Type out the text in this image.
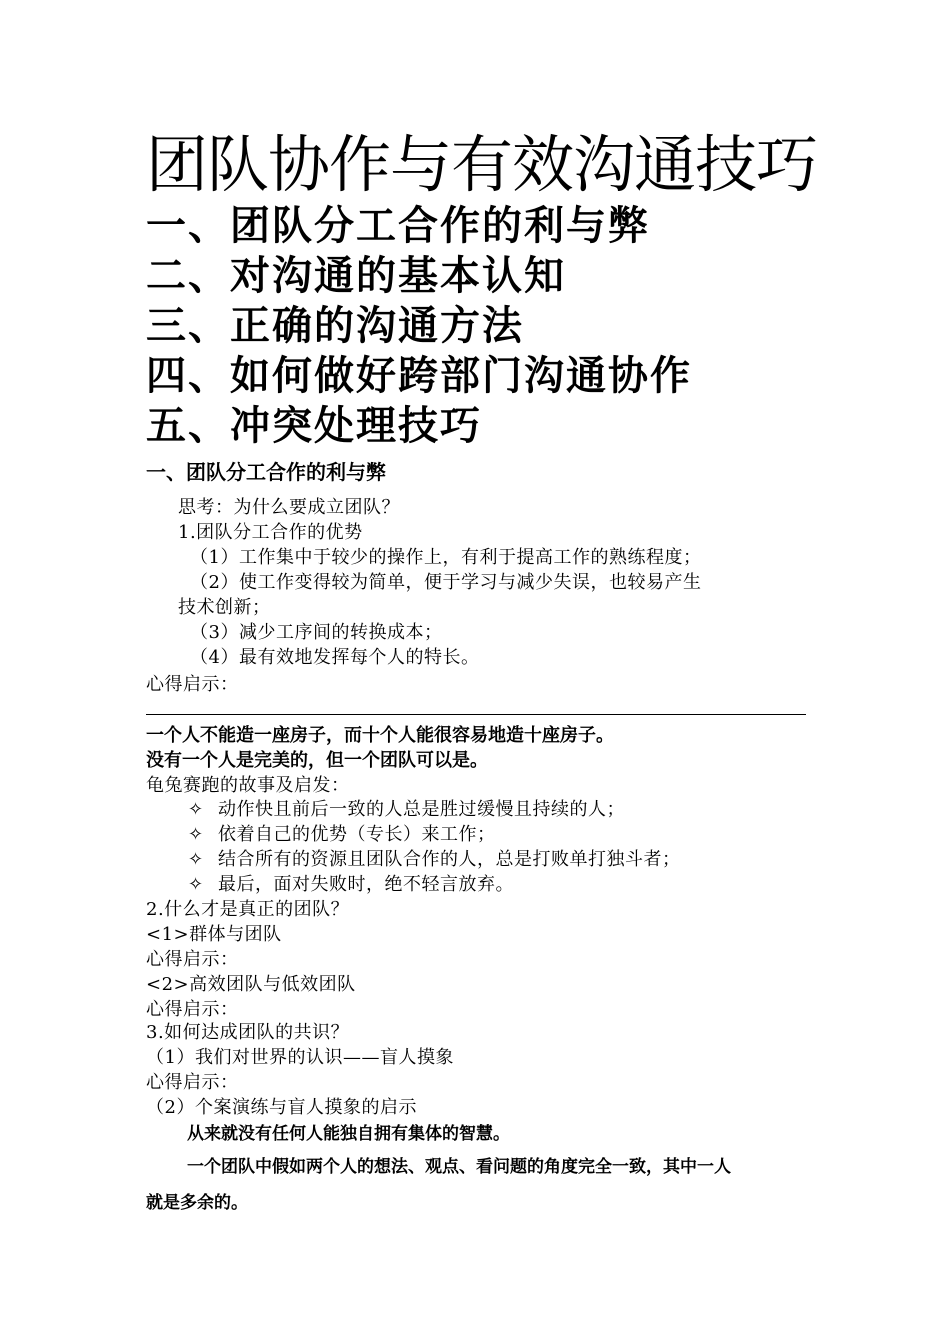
团队协作与有效沟通技巧
一、团队分工合作的利与弊
二、对沟通的基本认知
三、正确的沟通方法
四、如何做好跨部门沟通协作
五、冲突处理技巧
一、团队分工合作的利与弊
思考：为什么要成立团队？
1.团队分工合作的优势
（1）工作集中于较少的操作上，有利于提高工作的熟练程度；
（2）使工作变得较为简单，便于学习与减少失误，也较易产生
技术创新；
（3）减少工序间的转换成本；
（4）最有效地发挥每个人的特长。
心得启示：
一个人不能造一座房子，而十个人能很容易地造十座房子。
没有一个人是完美的，但一个团队可以是。
龟兔赛跑的故事及启发：
✧ 动作快且前后一致的人总是胜过缓慢且持续的人；
✧ 依着自己的优势（专长）来工作；
✧ 结合所有的资源且团队合作的人，总是打败单打独斗者；
✧ 最后，面对失败时，绝不轻言放弃。
2.什么才是真正的团队？
<1>群体与团队
心得启示：
<2>高效团队与低效团队
心得启示：
3.如何达成团队的共识？
（1）我们对世界的认识——盲人摸象
心得启示：
（2）个案演练与盲人摸象的启示
从来就没有任何人能独自拥有集体的智慧。
一个团队中假如两个人的想法、观点、看问题的角度完全一致，其中一人
就是多余的。
